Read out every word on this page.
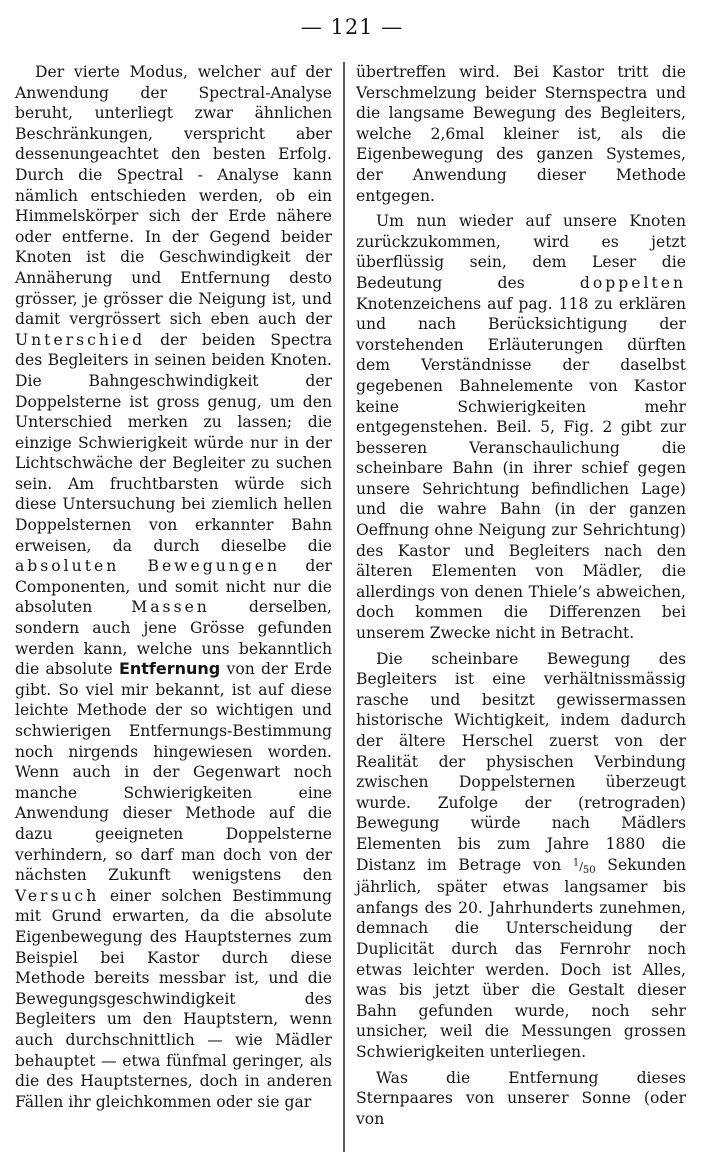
— 121 —

Der vierte Modus, welcher auf der Anwendung der Spectral-Analyse beruht, unterliegt zwar ähnlichen Beschränkungen, verspricht aber dessenungeachtet den besten Erfolg. Durch die Spectral - Analyse kann nämlich entschieden werden, ob ein Himmelskörper sich der Erde nähere oder entferne. In der Gegend beider Knoten ist die Geschwindigkeit der Annäherung und Entfernung desto grösser, je grösser die Neigung ist, und damit vergrössert sich eben auch der Unterschied der beiden Spectra des Begleiters in seinen beiden Knoten. Die Bahngeschwindigkeit der Doppelsterne ist gross genug, um den Unterschied merken zu lassen; die einzige Schwierigkeit würde nur in der Lichtschwäche der Begleiter zu suchen sein. Am fruchtbarsten würde sich diese Untersuchung bei ziemlich hellen Doppelsternen von erkannter Bahn erweisen, da durch dieselbe die absoluten Bewegungen der Componenten, und somit nicht nur die absoluten Massen derselben, sondern auch jene Grösse gefunden werden kann, welche uns bekanntlich die absolute Entfernung von der Erde gibt. So viel mir bekannt, ist auf diese leichte Methode der so wichtigen und schwierigen Entfernungs-Bestimmung noch nirgends hingewiesen worden. Wenn auch in der Gegenwart noch manche Schwierigkeiten eine Anwendung dieser Methode auf die dazu geeigneten Doppelsterne verhindern, so darf man doch von der nächsten Zukunft wenigstens den Versuch einer solchen Bestimmung mit Grund erwarten, da die absolute Eigenbewegung des Hauptsternes zum Beispiel bei Kastor durch diese Methode bereits messbar ist, und die Bewegungsgeschwindigkeit des Begleiters um den Hauptstern, wenn auch durchschnittlich — wie Mädler behauptet — etwa fünfmal geringer, als die des Hauptsternes, doch in anderen Fällen ihr gleichkommen oder sie gar

übertreffen wird. Bei Kastor tritt die Verschmelzung beider Sternspectra und die langsame Bewegung des Begleiters, welche 2,6mal kleiner ist, als die Eigenbewegung des ganzen Systemes, der Anwendung dieser Methode entgegen.

Um nun wieder auf unsere Knoten zurückzukommen, wird es jetzt überflüssig sein, dem Leser die Bedeutung des doppelten Knotenzeichens auf pag. 118 zu erklären und nach Berücksichtigung der vorstehenden Erläuterungen dürften dem Verständnisse der daselbst gegebenen Bahnelemente von Kastor keine Schwierigkeiten mehr entgegenstehen. Beil. 5, Fig. 2 gibt zur besseren Veranschaulichung die scheinbare Bahn (in ihrer schief gegen unsere Sehrichtung befindlichen Lage) und die wahre Bahn (in der ganzen Oeffnung ohne Neigung zur Sehrichtung) des Kastor und Begleiters nach den älteren Elementen von Mädler, die allerdings von denen Thiele’s abweichen, doch kommen die Differenzen bei unserem Zwecke nicht in Betracht.

Die scheinbare Bewegung des Begleiters ist eine verhältnissmässig rasche und besitzt gewissermassen historische Wichtigkeit, indem dadurch der ältere Herschel zuerst von der Realität der physischen Verbindung zwischen Doppelsternen überzeugt wurde. Zufolge der (retrograden) Bewegung würde nach Mädlers Elementen bis zum Jahre 1880 die Distanz im Betrage von $^1/_{50}$ Sekunden jährlich, später etwas langsamer bis anfangs des 20. Jahrhunderts zunehmen, demnach die Unterscheidung der Duplicität durch das Fernrohr noch etwas leichter werden. Doch ist Alles, was bis jetzt über die Gestalt dieser Bahn gefunden wurde, noch sehr unsicher, weil die Messungen grossen Schwierigkeiten unterliegen.

Was die Entfernung dieses Sternpaares von unserer Sonne (oder von
